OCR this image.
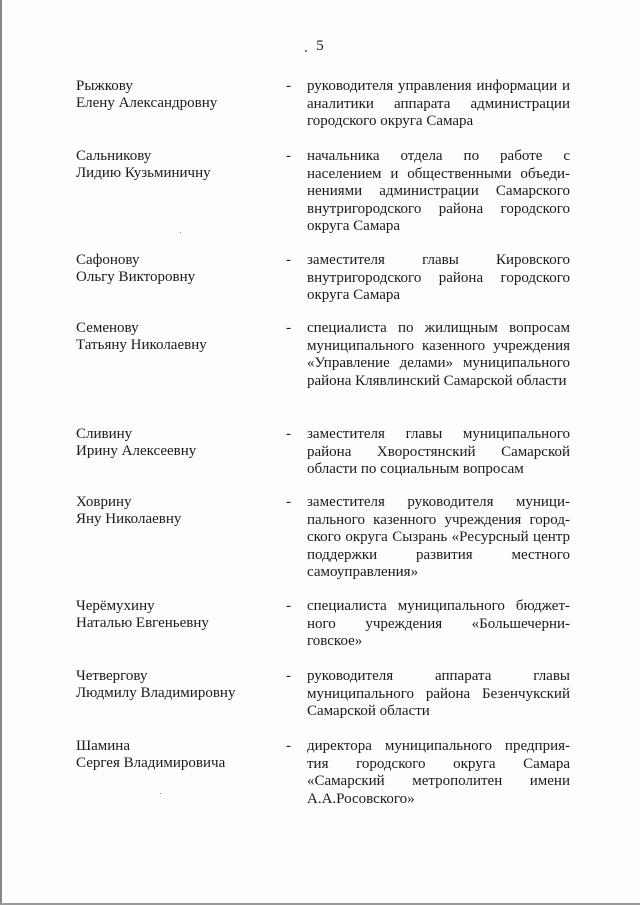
5
Рыжкову
Елену Александровну
- руководителя управления информации и аналитики аппарата администрации городского округа Самара
Сальникову
Лидию Кузьминичну
- начальника отдела по работе с населением и общественными объеди-нениями администрации Самарского внутригородского района городского округа Самара
Сафонову
Ольгу Викторовну
- заместителя главы Кировского внутригородского района городского округа Самара
Семенову
Татьяну Николаевну
- специалиста по жилищным вопросам муниципального казенного учреждения «Управление делами» муниципального района Клявлинский Самарской области
Сливину
Ирину Алексеевну
- заместителя главы муниципального района Хворостянский Самарской области по социальным вопросам
Ховрину
Яну Николаевну
- заместителя руководителя муници-пального казенного учреждения город-ского округа Сызрань «Ресурсный центр поддержки развития местного самоуправления»
Черёмухину
Наталью Евгеньевну
- специалиста муниципального бюджет-ного учреждения «Большечерни-говское»
Четвергову
Людмилу Владимировну
- руководителя аппарата главы муниципального района Безенчукский Самарской области
Шамина
Сергея Владимировича
- директора муниципального предприя-тия городского округа Самара «Самарский метрополитен имени А.А.Росовского»
